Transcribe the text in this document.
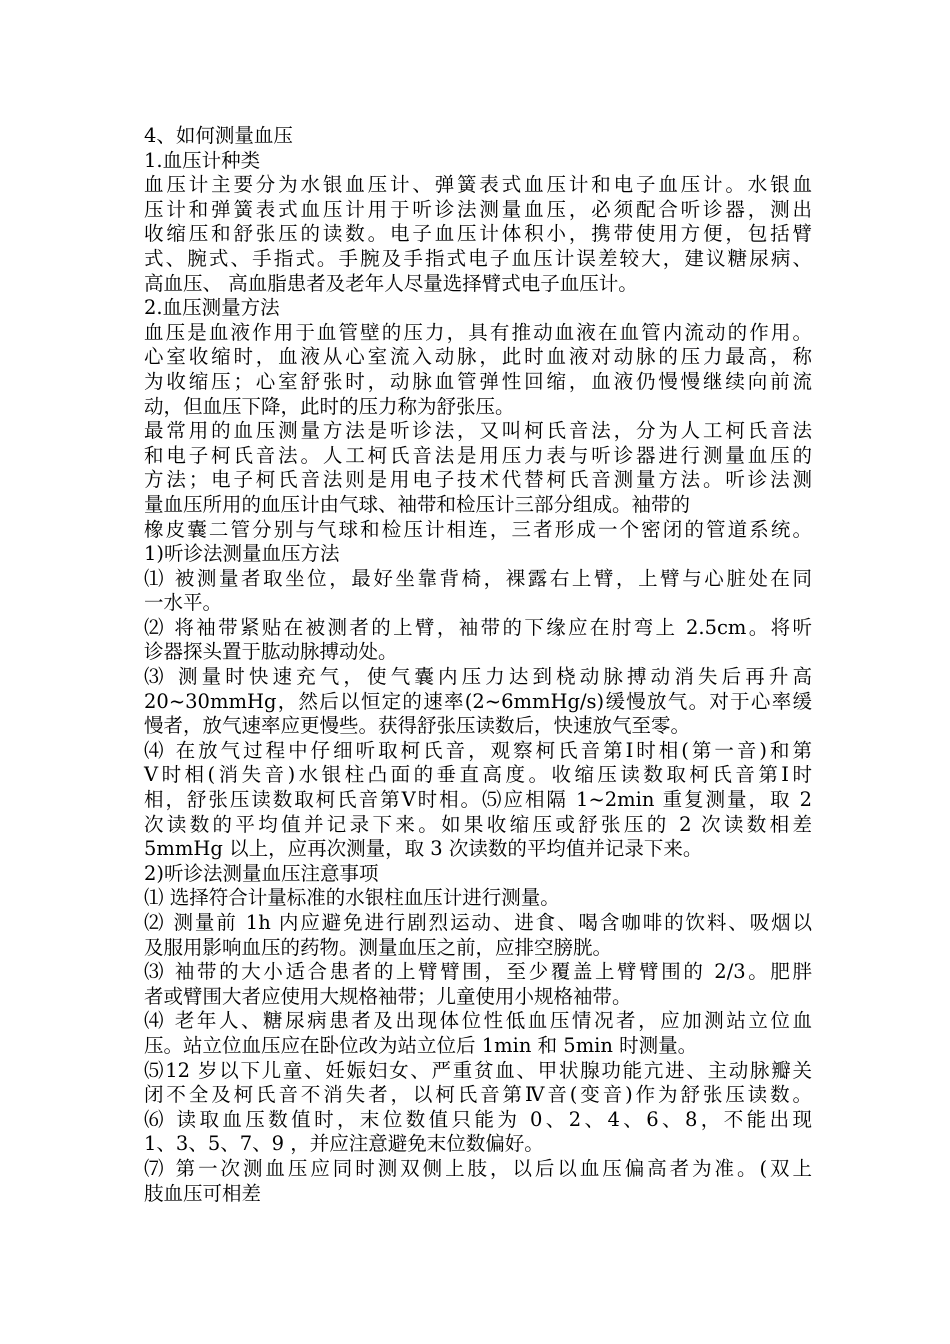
4、如何测量血压
1.血压计种类
血压计主要分为水银血压计、弹簧表式血压计和电子血压计。水银血
压计和弹簧表式血压计用于听诊法测量血压，必须配合听诊器，测出
收缩压和舒张压的读数。电子血压计体积小，携带使用方便，包括臂
式、腕式、手指式。手腕及手指式电子血压计误差较大，建议糖尿病、
高血压、 高血脂患者及老年人尽量选择臂式电子血压计。
2.血压测量方法
血压是血液作用于血管壁的压力，具有推动血液在血管内流动的作用。
心室收缩时，血液从心室流入动脉，此时血液对动脉的压力最高，称
为收缩压；心室舒张时，动脉血管弹性回缩，血液仍慢慢继续向前流
动，但血压下降，此时的压力称为舒张压。
最常用的血压测量方法是听诊法，又叫柯氏音法，分为人工柯氏音法
和电子柯氏音法。人工柯氏音法是用压力表与听诊器进行测量血压的
方法；电子柯氏音法则是用电子技术代替柯氏音测量方法。听诊法测
量血压所用的血压计由气球、袖带和检压计三部分组成。袖带的
橡皮囊二管分别与气球和检压计相连，三者形成一个密闭的管道系统。
1)听诊法测量血压方法
⑴ 被测量者取坐位，最好坐靠背椅，裸露右上臂，上臂与心脏处在同
一水平。
⑵ 将袖带紧贴在被测者的上臂，袖带的下缘应在肘弯上 2.5cm。将听
诊器探头置于肱动脉搏动处。
⑶ 测量时快速充气，使气囊内压力达到桡动脉搏动消失后再升高
20~30mmHg，然后以恒定的速率(2~6mmHg/s)缓慢放气。对于心率缓
慢者，放气速率应更慢些。获得舒张压读数后，快速放气至零。
⑷ 在放气过程中仔细听取柯氏音，观察柯氏音第Ⅰ时相(第一音)和第
Ⅴ时相(消失音)水银柱凸面的垂直高度。收缩压读数取柯氏音第Ⅰ时
相，舒张压读数取柯氏音第Ⅴ时相。⑸应相隔 1~2min 重复测量，取 2
次读数的平均值并记录下来。如果收缩压或舒张压的 2 次读数相差
5mmHg 以上，应再次测量，取 3 次读数的平均值并记录下来。
2)听诊法测量血压注意事项
⑴ 选择符合计量标准的水银柱血压计进行测量。
⑵ 测量前 1h 内应避免进行剧烈运动、进食、喝含咖啡的饮料、吸烟以
及服用影响血压的药物。测量血压之前，应排空膀胱。
⑶ 袖带的大小适合患者的上臂臂围，至少覆盖上臂臂围的 2/3。肥胖
者或臂围大者应使用大规格袖带；儿童使用小规格袖带。
⑷ 老年人、糖尿病患者及出现体位性低血压情况者，应加测站立位血
压。站立位血压应在卧位改为站立位后 1min 和 5min 时测量。
⑸12 岁以下儿童、妊娠妇女、严重贫血、甲状腺功能亢进、主动脉瓣关
闭不全及柯氏音不消失者，以柯氏音第Ⅳ音(变音)作为舒张压读数。
⑹ 读取血压数值时，末位数值只能为 0、2、4、6、8，不能出现
1、3、5、7、9 ，并应注意避免末位数偏好。
⑺ 第一次测血压应同时测双侧上肢，以后以血压偏高者为准。(双上
肢血压可相差
